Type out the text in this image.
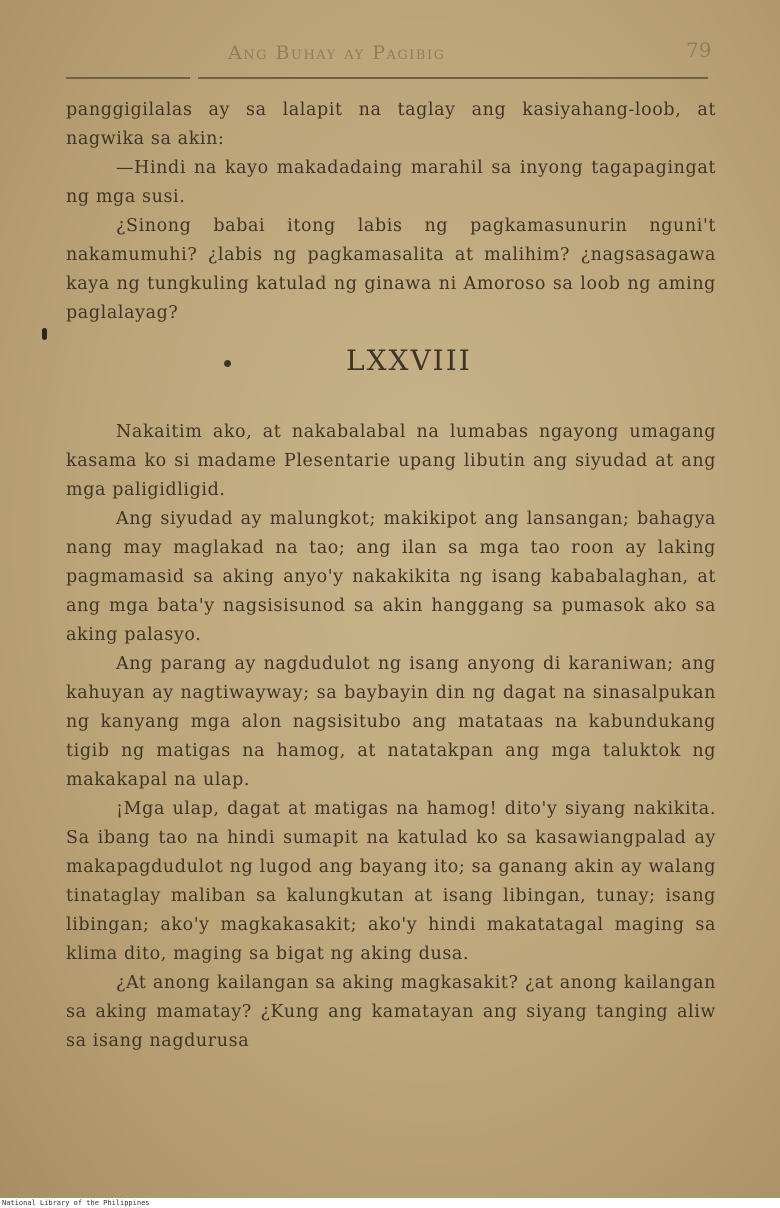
Ang Buhay ay Pagibig	79

panggigilalas ay sa lalapit na taglay ang kasiyahang-loob, at nagwika sa akin:

—Hindi na kayo makadadaing marahil sa inyong tagapagingat ng mga susi.

¿Sinong babai itong labis ng pagkamasunurin nguni't nakamumuhi? ¿labis ng pagkamasalita at malihim? ¿nagsasagawa kaya ng tungkuling katulad ng ginawa ni Amoroso sa loob ng aming paglalayag?

LXXVIII

Nakaitim ako, at nakabalabal na lumabas ngayong umagang kasama ko si madame Plesentarie upang libutin ang siyudad at ang mga paligidligid.

Ang siyudad ay malungkot; makikipot ang lansangan; bahagya nang may maglakad na tao; ang ilan sa mga tao roon ay laking pagmamasid sa aking anyo'y nakakikita ng isang kababalaghan, at ang mga bata'y nagsisisunod sa akin hanggang sa pumasok ako sa aking palasyo.

Ang parang ay nagdudulot ng isang anyong di karaniwan; ang kahuyan ay nagtiwayway; sa baybayin din ng dagat na sinasalpukan ng kanyang mga alon nagsisitubo ang matataas na kabundukang tigib ng matigas na hamog, at natatakpan ang mga taluktok ng makakapal na ulap.

¡Mga ulap, dagat at matigas na hamog! dito'y siyang nakikita. Sa ibang tao na hindi sumapit na katulad ko sa kasawiangpalad ay makapagdudulot ng lugod ang bayang ito; sa ganang akin ay walang tinataglay maliban sa kalungkutan at isang libingan, tunay; isang libingan; ako'y magkakasakit; ako'y hindi makatatagal maging sa klima dito, maging sa bigat ng aking dusa.

¿At anong kailangan sa aking magkasakit? ¿at anong kailangan sa aking mamatay? ¿Kung ang kamatayan ang siyang tanging aliw sa isang nagdurusa

National Library of the Philippines
